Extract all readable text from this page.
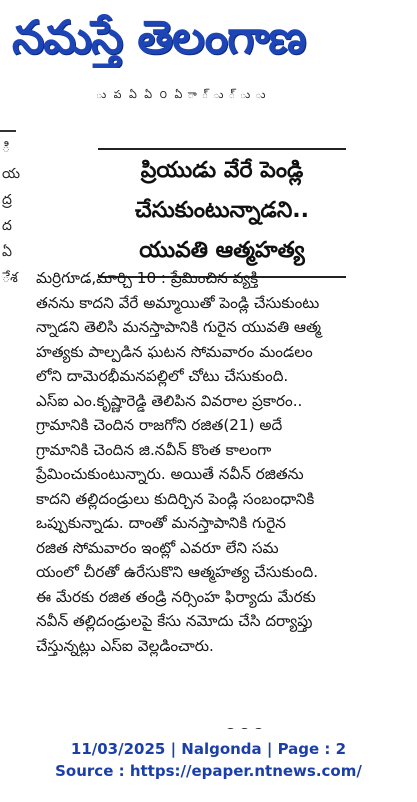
నమస్తే తెలంగాణ
ు ప ఏ ఏ ౦ ఏ ా ్ ు ్ ు ు
ి
య
ద్ర
ద
ఏ
ేశ
ప్రియుడు వేరే పెండ్లి
చేసుకుంటున్నాడని..
యువతి ఆత్మహత్య
మర్రిగూడ,మార్చి 10 : ప్రేమించిన వ్యక్తి
తనను కాదని వేరే అమ్మాయితో పెండ్లి చేసుకుంటు
న్నాడని తెలిసి మనస్తాపానికి గురైన యువతి ఆత్మ
హత్యకు పాల్పడిన ఘటన సోమవారం మండలం
లోని దామెరభీమనపల్లిలో చోటు చేసుకుంది.
ఎస్ఐ ఎం.కృష్ణారెడ్డి తెలిపిన వివరాల ప్రకారం..
గ్రామానికి చెందిన రాజగోని రజిత(21) అదే
గ్రామానికి చెందిన జి.నవీన్ కొంత కాలంగా
ప్రేమించుకుంటున్నారు. అయితే నవీన్ రజితను
కాదని తల్లిదండ్రులు కుదిర్చిన పెండ్లి సంబంధానికి
ఒప్పుకున్నాడు. దాంతో మనస్తాపానికి గురైన
రజిత సోమవారం ఇంట్లో ఎవరూ లేని సమ
యంలో చీరతో ఉరేసుకొని ఆత్మహత్య చేసుకుంది.
ఈ మేరకు రజిత తండ్రి నర్సింహ ఫిర్యాదు మేరకు
నవీన్ తల్లిదండ్రులపై కేసు నమోదు చేసి దర్యాప్తు
చేస్తున్నట్లు ఎస్ఐ వెల్లడించారు.
11/03/2025 | Nalgonda | Page : 2
Source : https://epaper.ntnews.com/
